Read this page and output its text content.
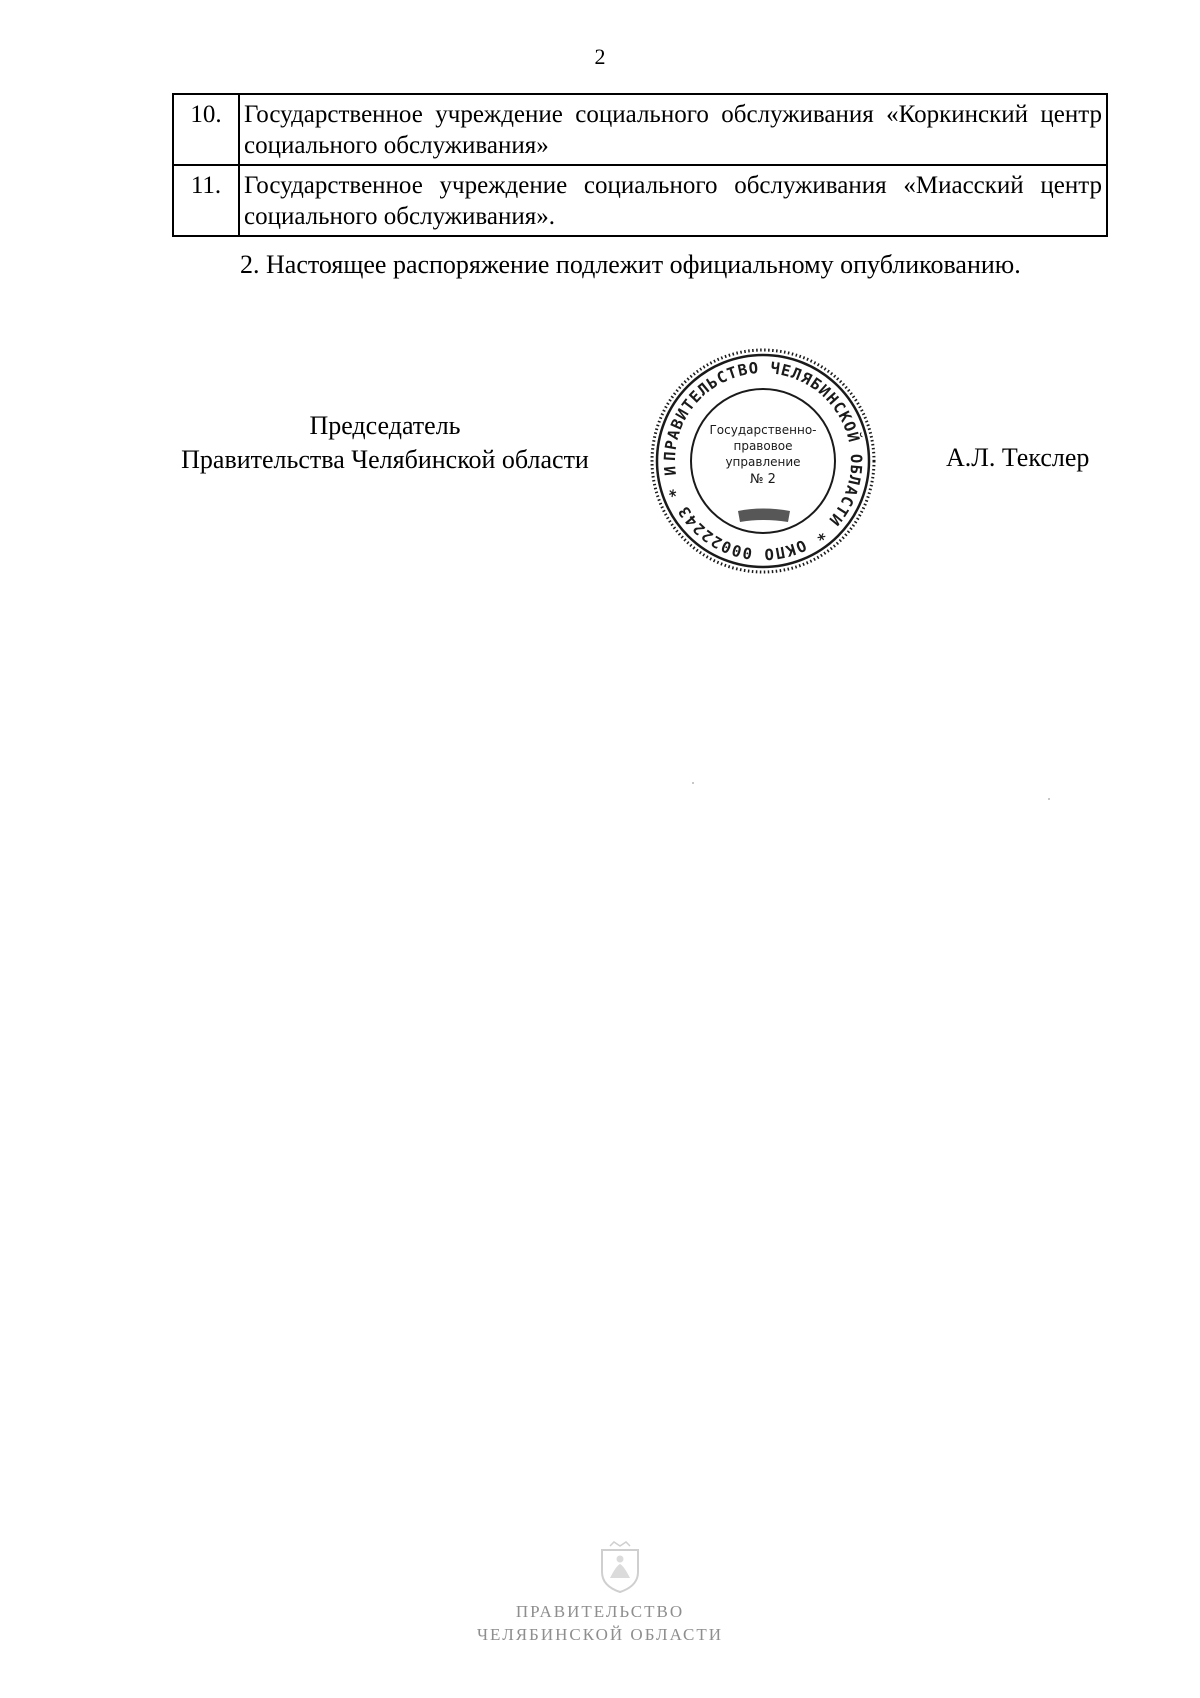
2
10.	Государственное учреждение социального обслуживания «Коркинский центр социального обслуживания»
11.	Государственное учреждение социального обслуживания «Миасский центр социального обслуживания».
2. Настоящее распоряжение подлежит официальному опубликованию.
Председатель
Правительства Челябинской области	А.Л. Текслер
ПРАВИТЕЛЬСТВО ЧЕЛЯБИНСКОЙ ОБЛАСТИ * ОКПО 00022243 * И
Государственно-
правовое
управление
№ 2
ПРАВИТЕЛЬСТВО
ЧЕЛЯБИНСКОЙ ОБЛАСТИ
